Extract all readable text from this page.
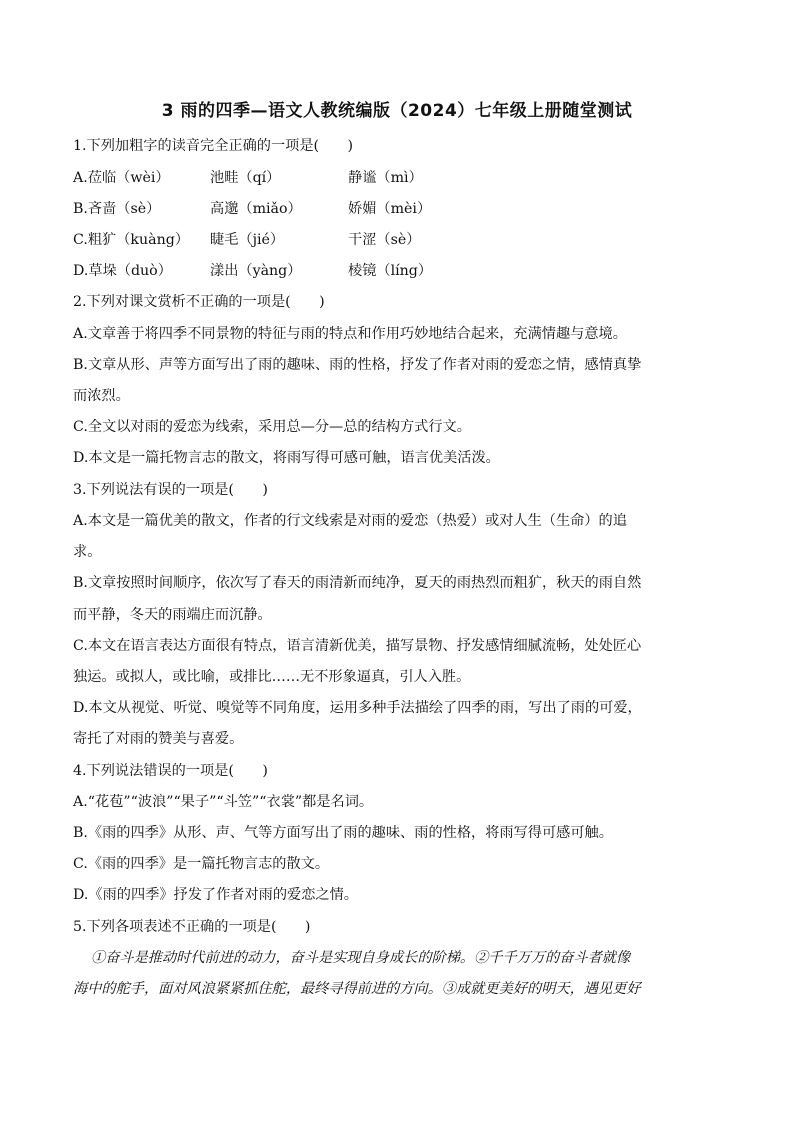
3 雨的四季—语文人教统编版（2024）七年级上册随堂测试
1.下列加粗字的读音完全正确的一项是(　　)
A.莅临（wèi）	池畦（qí）	静谧（mì）
B.吝啬（sè）	高邈（miǎo）	娇媚（mèi）
C.粗犷（kuàng） 睫毛（jié）	干涩（sè）
D.草垛（duò）	漾出（yàng）	棱镜（líng）
2.下列对课文赏析不正确的一项是(　　)
A.文章善于将四季不同景物的特征与雨的特点和作用巧妙地结合起来，充满情趣与意境。
B.文章从形、声等方面写出了雨的趣味、雨的性格，抒发了作者对雨的爱恋之情，感情真挚
而浓烈。
C.全文以对雨的爱恋为线索，采用总—分—总的结构方式行文。
D.本文是一篇托物言志的散文，将雨写得可感可触，语言优美活泼。
3.下列说法有误的一项是(　　)
A.本文是一篇优美的散文，作者的行文线索是对雨的爱恋（热爱）或对人生（生命）的追
求。
B.文章按照时间顺序，依次写了春天的雨清新而纯净，夏天的雨热烈而粗犷，秋天的雨自然
而平静，冬天的雨端庄而沉静。
C.本文在语言表达方面很有特点，语言清新优美，描写景物、抒发感情细腻流畅，处处匠心
独运。或拟人，或比喻，或排比……无不形象逼真，引人入胜。
D.本文从视觉、听觉、嗅觉等不同角度，运用多种手法描绘了四季的雨，写出了雨的可爱，
寄托了对雨的赞美与喜爱。
4.下列说法错误的一项是(　　)
A.“花苞”“波浪”“果子”“斗笠”“衣裳”都是名词。
B.《雨的四季》从形、声、气等方面写出了雨的趣味、雨的性格，将雨写得可感可触。
C.《雨的四季》是一篇托物言志的散文。
D.《雨的四季》抒发了作者对雨的爱恋之情。
5.下列各项表述不正确的一项是(　　)
①奋斗是推动时代前进的动力，奋斗是实现自身成长的阶梯。②千千万万的奋斗者就像
海中的舵手，面对风浪紧紧抓住舵，最终寻得前进的方向。③成就更美好的明天，遇见更好
